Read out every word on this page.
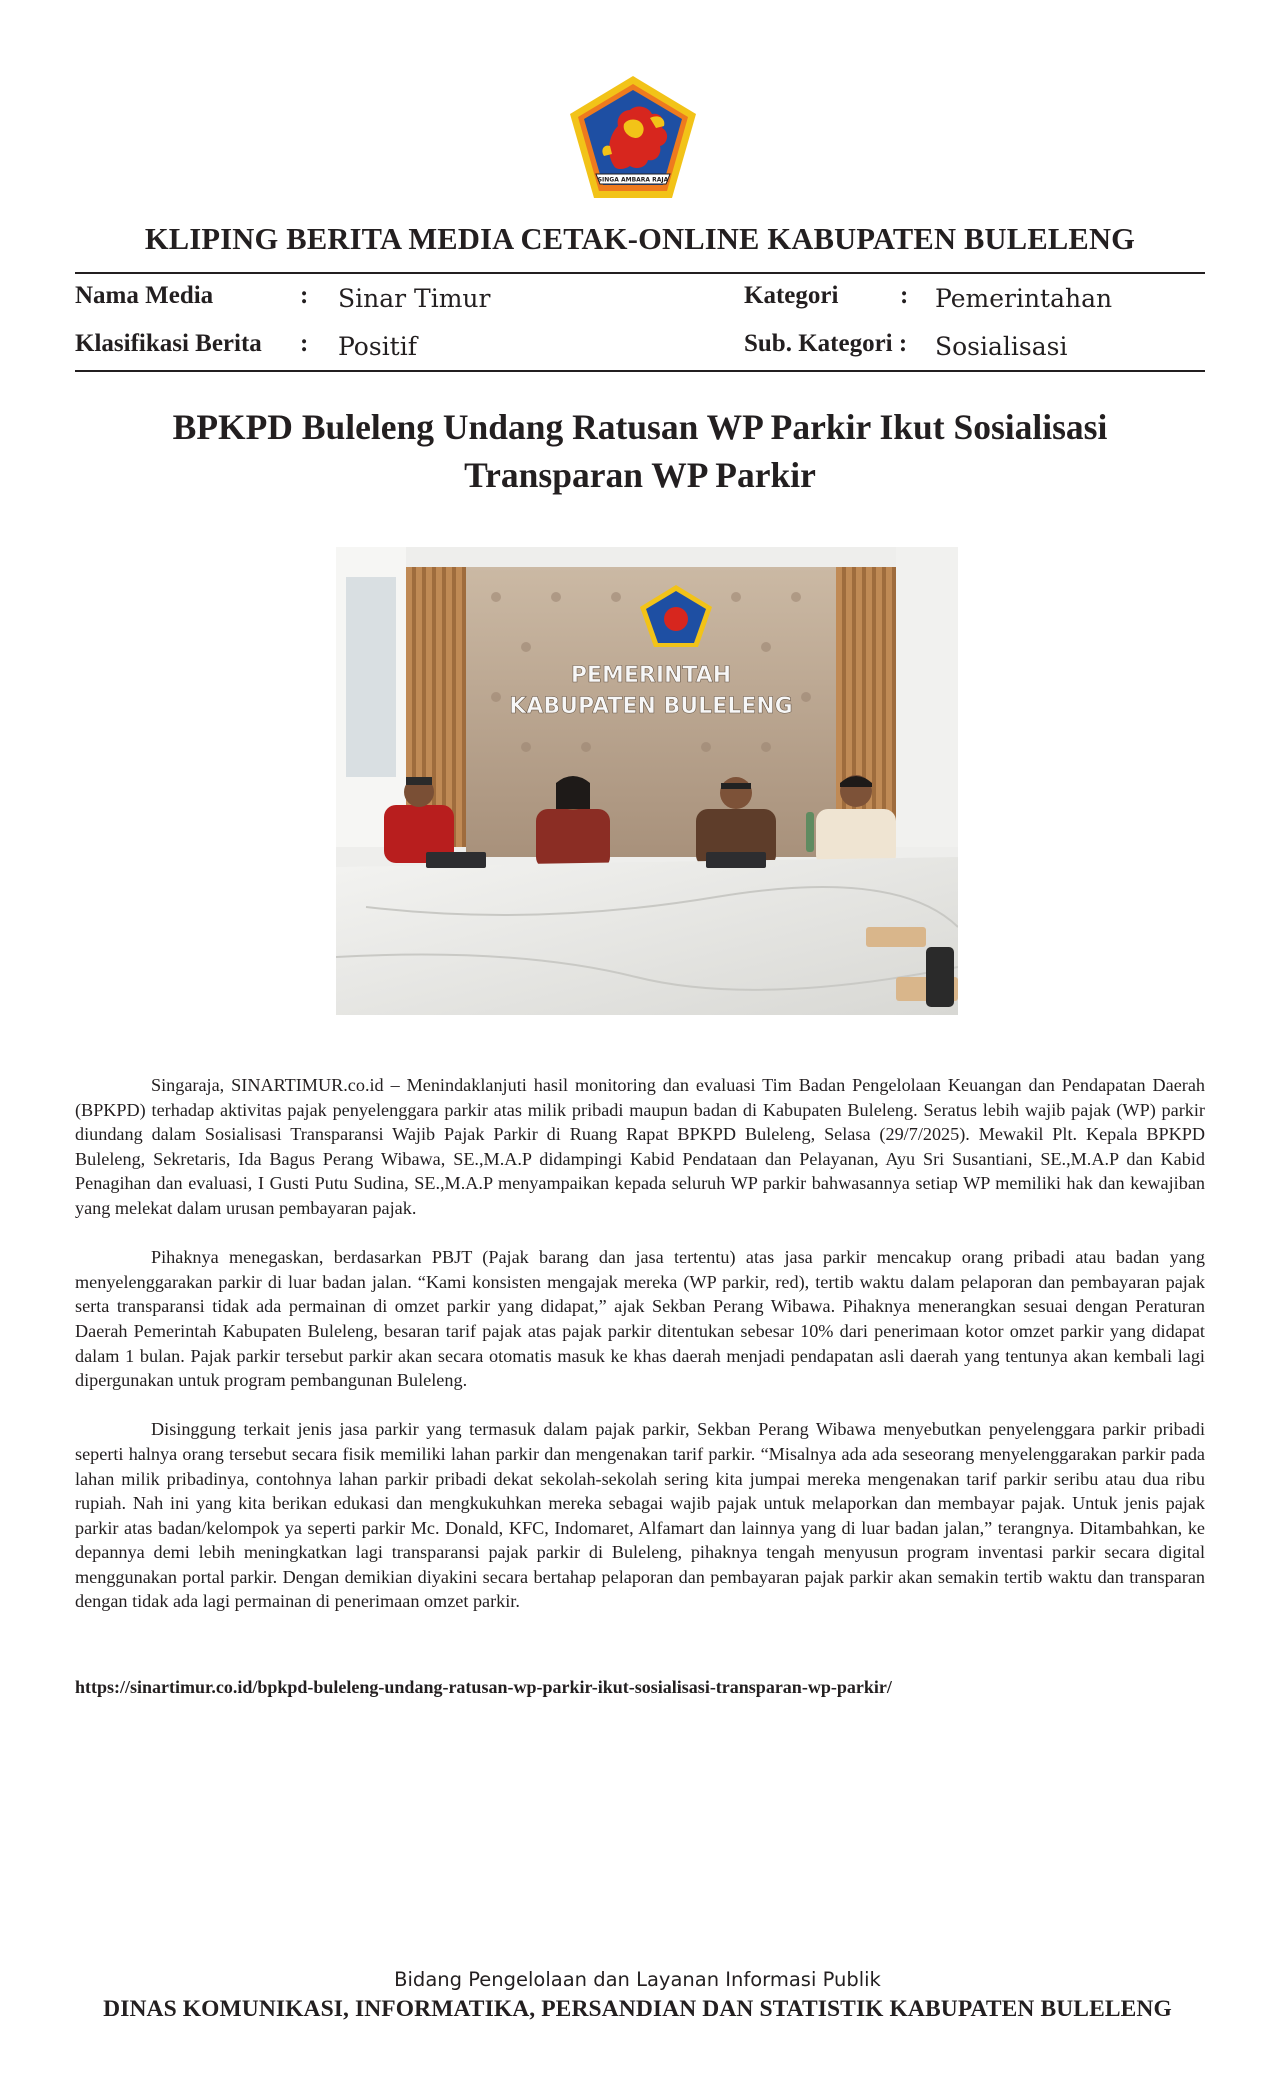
SINGA AMBARA RAJA
KLIPING BERITA MEDIA CETAK-ONLINE KABUPATEN BULELENG
Nama Media	: Sinar Timur	Kategori : Pemerintahan
Klasifikasi Berita : Positif	Sub. Kategori : Sosialisasi
BPKPD Buleleng Undang Ratusan WP Parkir Ikut Sosialisasi
Transparan WP Parkir
PEMERINTAH
KABUPATEN BULELENG

Singaraja, SINARTIMUR.co.id – Menindaklanjuti hasil monitoring dan evaluasi Tim Badan Pengelolaan Keuangan dan Pendapatan Daerah (BPKPD) terhadap aktivitas pajak penyelenggara parkir atas milik pribadi maupun badan di Kabupaten Buleleng. Seratus lebih wajib pajak (WP) parkir diundang dalam Sosialisasi Transparansi Wajib Pajak Parkir di Ruang Rapat BPKPD Buleleng, Selasa (29/7/2025). Mewakil Plt. Kepala BPKPD Buleleng, Sekretaris, Ida Bagus Perang Wibawa, SE.,M.A.P didampingi Kabid Pendataan dan Pelayanan, Ayu Sri Susantiani, SE.,M.A.P dan Kabid Penagihan dan evaluasi, I Gusti Putu Sudina, SE.,M.A.P menyampaikan kepada seluruh WP parkir bahwasannya setiap WP memiliki hak dan kewajiban yang melekat dalam urusan pembayaran pajak.

Pihaknya menegaskan, berdasarkan PBJT (Pajak barang dan jasa tertentu) atas jasa parkir mencakup orang pribadi atau badan yang menyelenggarakan parkir di luar badan jalan. “Kami konsisten mengajak mereka (WP parkir, red), tertib waktu dalam pelaporan dan pembayaran pajak serta transparansi tidak ada permainan di omzet parkir yang didapat,” ajak Sekban Perang Wibawa. Pihaknya menerangkan sesuai dengan Peraturan Daerah Pemerintah Kabupaten Buleleng, besaran tarif pajak atas pajak parkir ditentukan sebesar 10% dari penerimaan kotor omzet parkir yang didapat dalam 1 bulan. Pajak parkir tersebut parkir akan secara otomatis masuk ke khas daerah menjadi pendapatan asli daerah yang tentunya akan kembali lagi dipergunakan untuk program pembangunan Buleleng.

Disinggung terkait jenis jasa parkir yang termasuk dalam pajak parkir, Sekban Perang Wibawa menyebutkan penyelenggara parkir pribadi seperti halnya orang tersebut secara fisik memiliki lahan parkir dan mengenakan tarif parkir. “Misalnya ada ada seseorang menyelenggarakan parkir pada lahan milik pribadinya, contohnya lahan parkir pribadi dekat sekolah-sekolah sering kita jumpai mereka mengenakan tarif parkir seribu atau dua ribu rupiah. Nah ini yang kita berikan edukasi dan mengkukuhkan mereka sebagai wajib pajak untuk melaporkan dan membayar pajak. Untuk jenis pajak parkir atas badan/kelompok ya seperti parkir Mc. Donald, KFC, Indomaret, Alfamart dan lainnya yang di luar badan jalan,” terangnya. Ditambahkan, ke depannya demi lebih meningkatkan lagi transparansi pajak parkir di Buleleng, pihaknya tengah menyusun program inventasi parkir secara digital menggunakan portal parkir. Dengan demikian diyakini secara bertahap pelaporan dan pembayaran pajak parkir akan semakin tertib waktu dan transparan dengan tidak ada lagi permainan di penerimaan omzet parkir.

https://sinartimur.co.id/bpkpd-buleleng-undang-ratusan-wp-parkir-ikut-sosialisasi-transparan-wp-parkir/
Bidang Pengelolaan dan Layanan Informasi Publik
DINAS KOMUNIKASI, INFORMATIKA, PERSANDIAN DAN STATISTIK KABUPATEN BULELENG
